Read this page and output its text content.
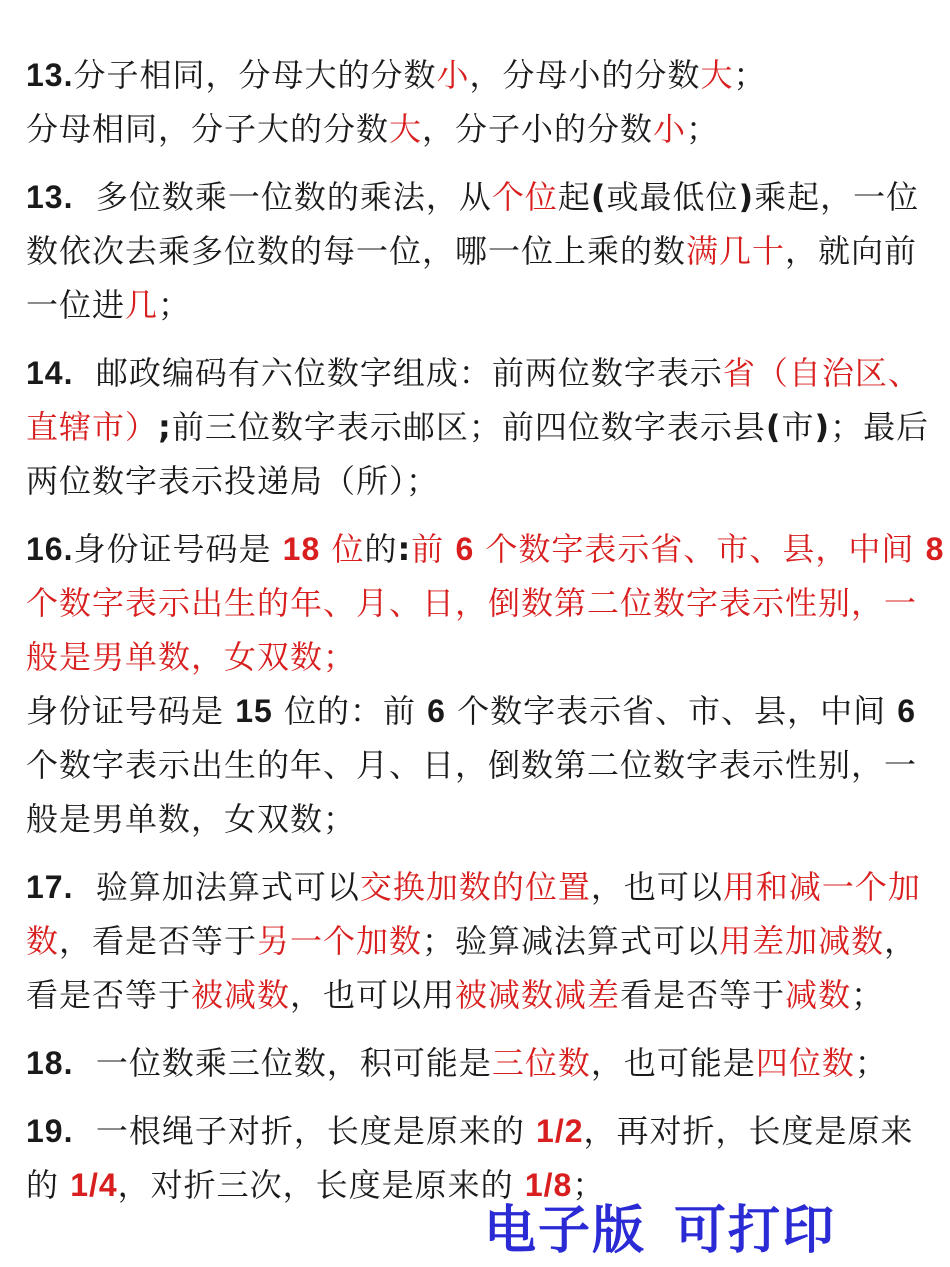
13.分子相同，分母大的分数小，分母小的分数大；
分母相同，分子大的分数大，分子小的分数小；
13. 多位数乘一位数的乘法，从个位起(或最低位)乘起，一位
数依次去乘多位数的每一位，哪一位上乘的数满几十，就向前
一位进几；
14. 邮政编码有六位数字组成：前两位数字表示省（自治区、
直辖市）;前三位数字表示邮区；前四位数字表示县(市)；最后
两位数字表示投递局（所）；
16.身份证号码是 18 位的:前 6 个数字表示省、市、县，中间 8
个数字表示出生的年、月、日，倒数第二位数字表示性别，一
般是男单数，女双数；
身份证号码是 15 位的：前 6 个数字表示省、市、县，中间 6
个数字表示出生的年、月、日，倒数第二位数字表示性别，一
般是男单数，女双数；
17. 验算加法算式可以交换加数的位置，也可以用和减一个加
数，看是否等于另一个加数；验算减法算式可以用差加减数，
看是否等于被减数，也可以用被减数减差看是否等于减数；
18. 一位数乘三位数，积可能是三位数，也可能是四位数；
19. 一根绳子对折，长度是原来的 1/2，再对折，长度是原来
的 1/4，对折三次，长度是原来的 1/8；
电子版 可打印
